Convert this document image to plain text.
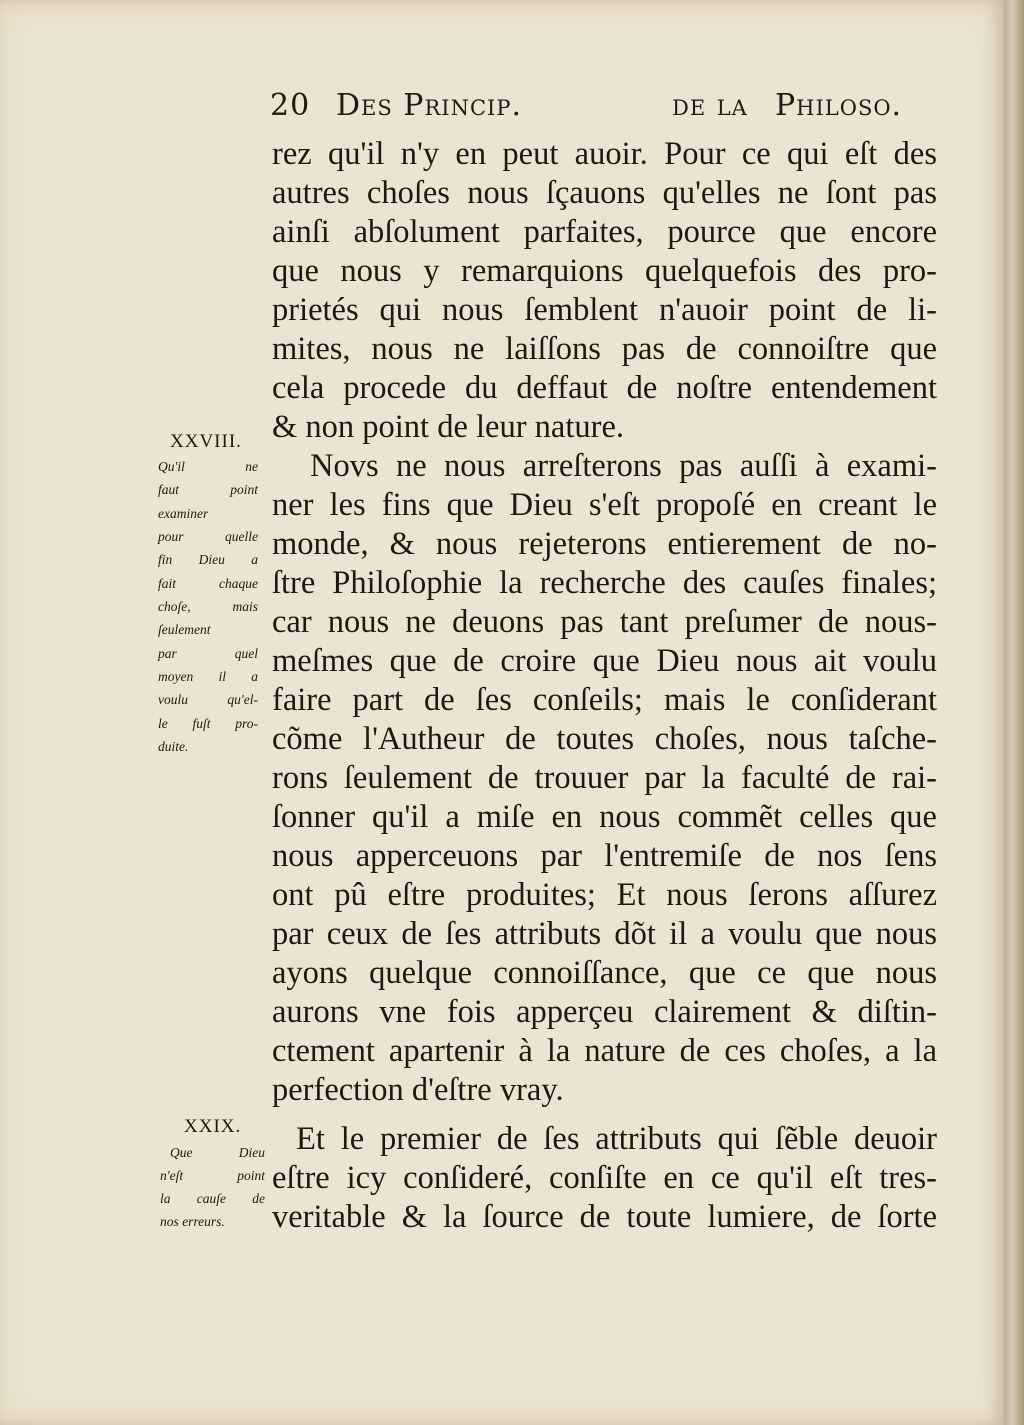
20 Des Princip.	de la Philoso.
rez qu'il n'y en peut auoir. Pour ce qui eſt des
autres choſes nous ſçauons qu'elles ne ſont pas
ainſi abſolument parfaites, pource que encore
que nous y remarquions quelquefois des pro-
prietés qui nous ſemblent n'auoir point de li-
mites, nous ne laiſſons pas de connoiſtre que
cela procede du deffaut de noſtre entendement
& non point de leur nature.
Novs ne nous arreſterons pas auſſi à exami-
ner les fins que Dieu s'eſt propoſé en creant le
monde, & nous rejeterons entierement de no-
ſtre Philoſophie la recherche des cauſes finales;
car nous ne deuons pas tant preſumer de nous-
meſmes que de croire que Dieu nous ait voulu
faire part de ſes conſeils; mais le conſiderant
cõme l'Autheur de toutes choſes, nous taſche-
rons ſeulement de trouuer par la faculté de rai-
ſonner qu'il a miſe en nous commẽt celles que
nous apperceuons par l'entremiſe de nos ſens
ont pû eſtre produites; Et nous ſerons aſſurez
par ceux de ſes attributs dõt il a voulu que nous
ayons quelque connoiſſance, que ce que nous
aurons vne fois apperçeu clairement & diſtin-
ctement apartenir à la nature de ces choſes, a la
perfection d'eſtre vray.
Et le premier de ſes attributs qui ſẽble deuoir
eſtre icy conſideré, conſiſte en ce qu'il eſt tres-
veritable & la ſource de toute lumiere, de ſorte
XXVIII.
Qu'il ne
faut point
examiner
pour quelle
fin Dieu a
fait chaque
choſe, mais
ſeulement
par quel
moyen il a
voulu qu'el-
le fuſt pro-
duite.
XXIX.
Que Dieu
n'eſt point
la cauſe de
nos erreurs.
